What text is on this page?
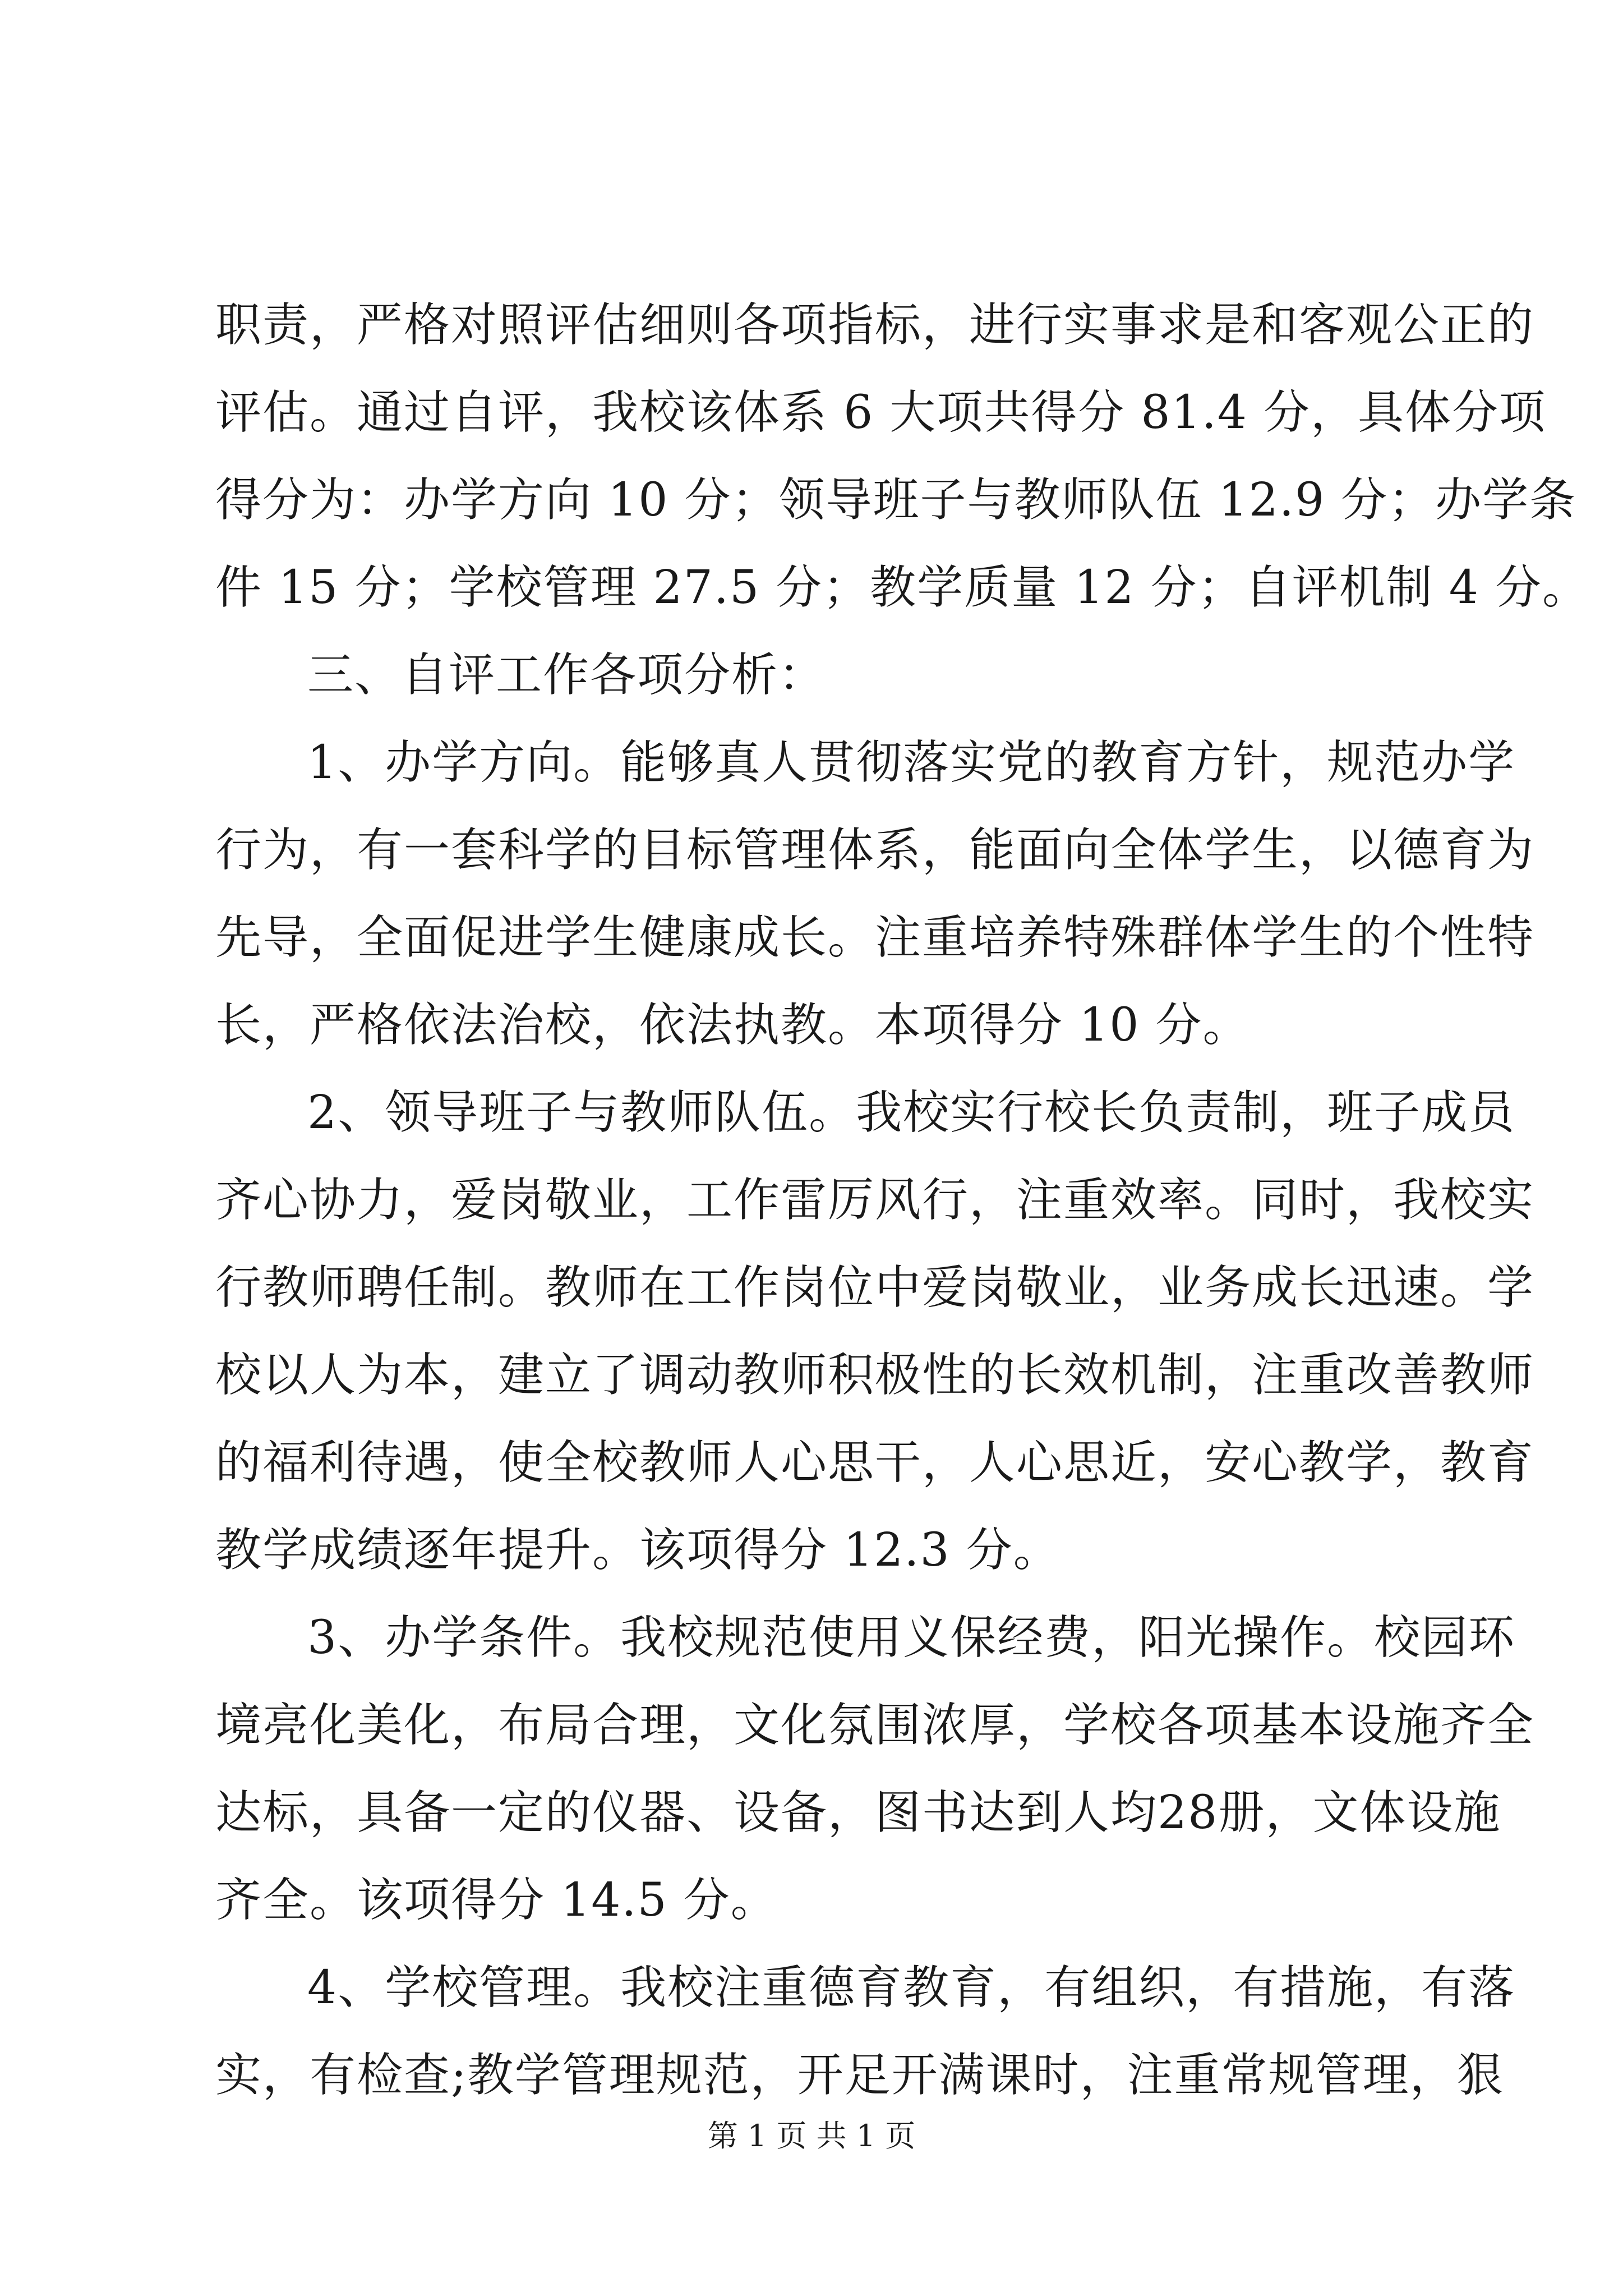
职责，严格对照评估细则各项指标，进行实事求是和客观公正的
评估。通过自评，我校该体系 6 大项共得分 81.4 分，具体分项
得分为：办学方向 10 分；领导班子与教师队伍 12.9 分；办学条
件 15 分；学校管理 27.5 分；教学质量 12 分；自评机制 4 分。
三、自评工作各项分析：
1、办学方向。能够真人贯彻落实党的教育方针，规范办学
行为，有一套科学的目标管理体系，能面向全体学生，以德育为
先导，全面促进学生健康成长。注重培养特殊群体学生的个性特
长，严格依法治校，依法执教。本项得分 10 分。
2、领导班子与教师队伍。我校实行校长负责制，班子成员
齐心协力，爱岗敬业，工作雷厉风行，注重效率。同时，我校实
行教师聘任制。教师在工作岗位中爱岗敬业，业务成长迅速。学
校以人为本，建立了调动教师积极性的长效机制，注重改善教师
的福利待遇，使全校教师人心思干，人心思近，安心教学，教育
教学成绩逐年提升。该项得分 12.3 分。
3、办学条件。我校规范使用义保经费，阳光操作。校园环
境亮化美化，布局合理，文化氛围浓厚，学校各项基本设施齐全
达标，具备一定的仪器、设备，图书达到人均28册，文体设施
齐全。该项得分 14.5 分。
4、学校管理。我校注重德育教育，有组织，有措施，有落
实，有检查;教学管理规范，开足开满课时，注重常规管理，狠
第 1 页 共 1 页
